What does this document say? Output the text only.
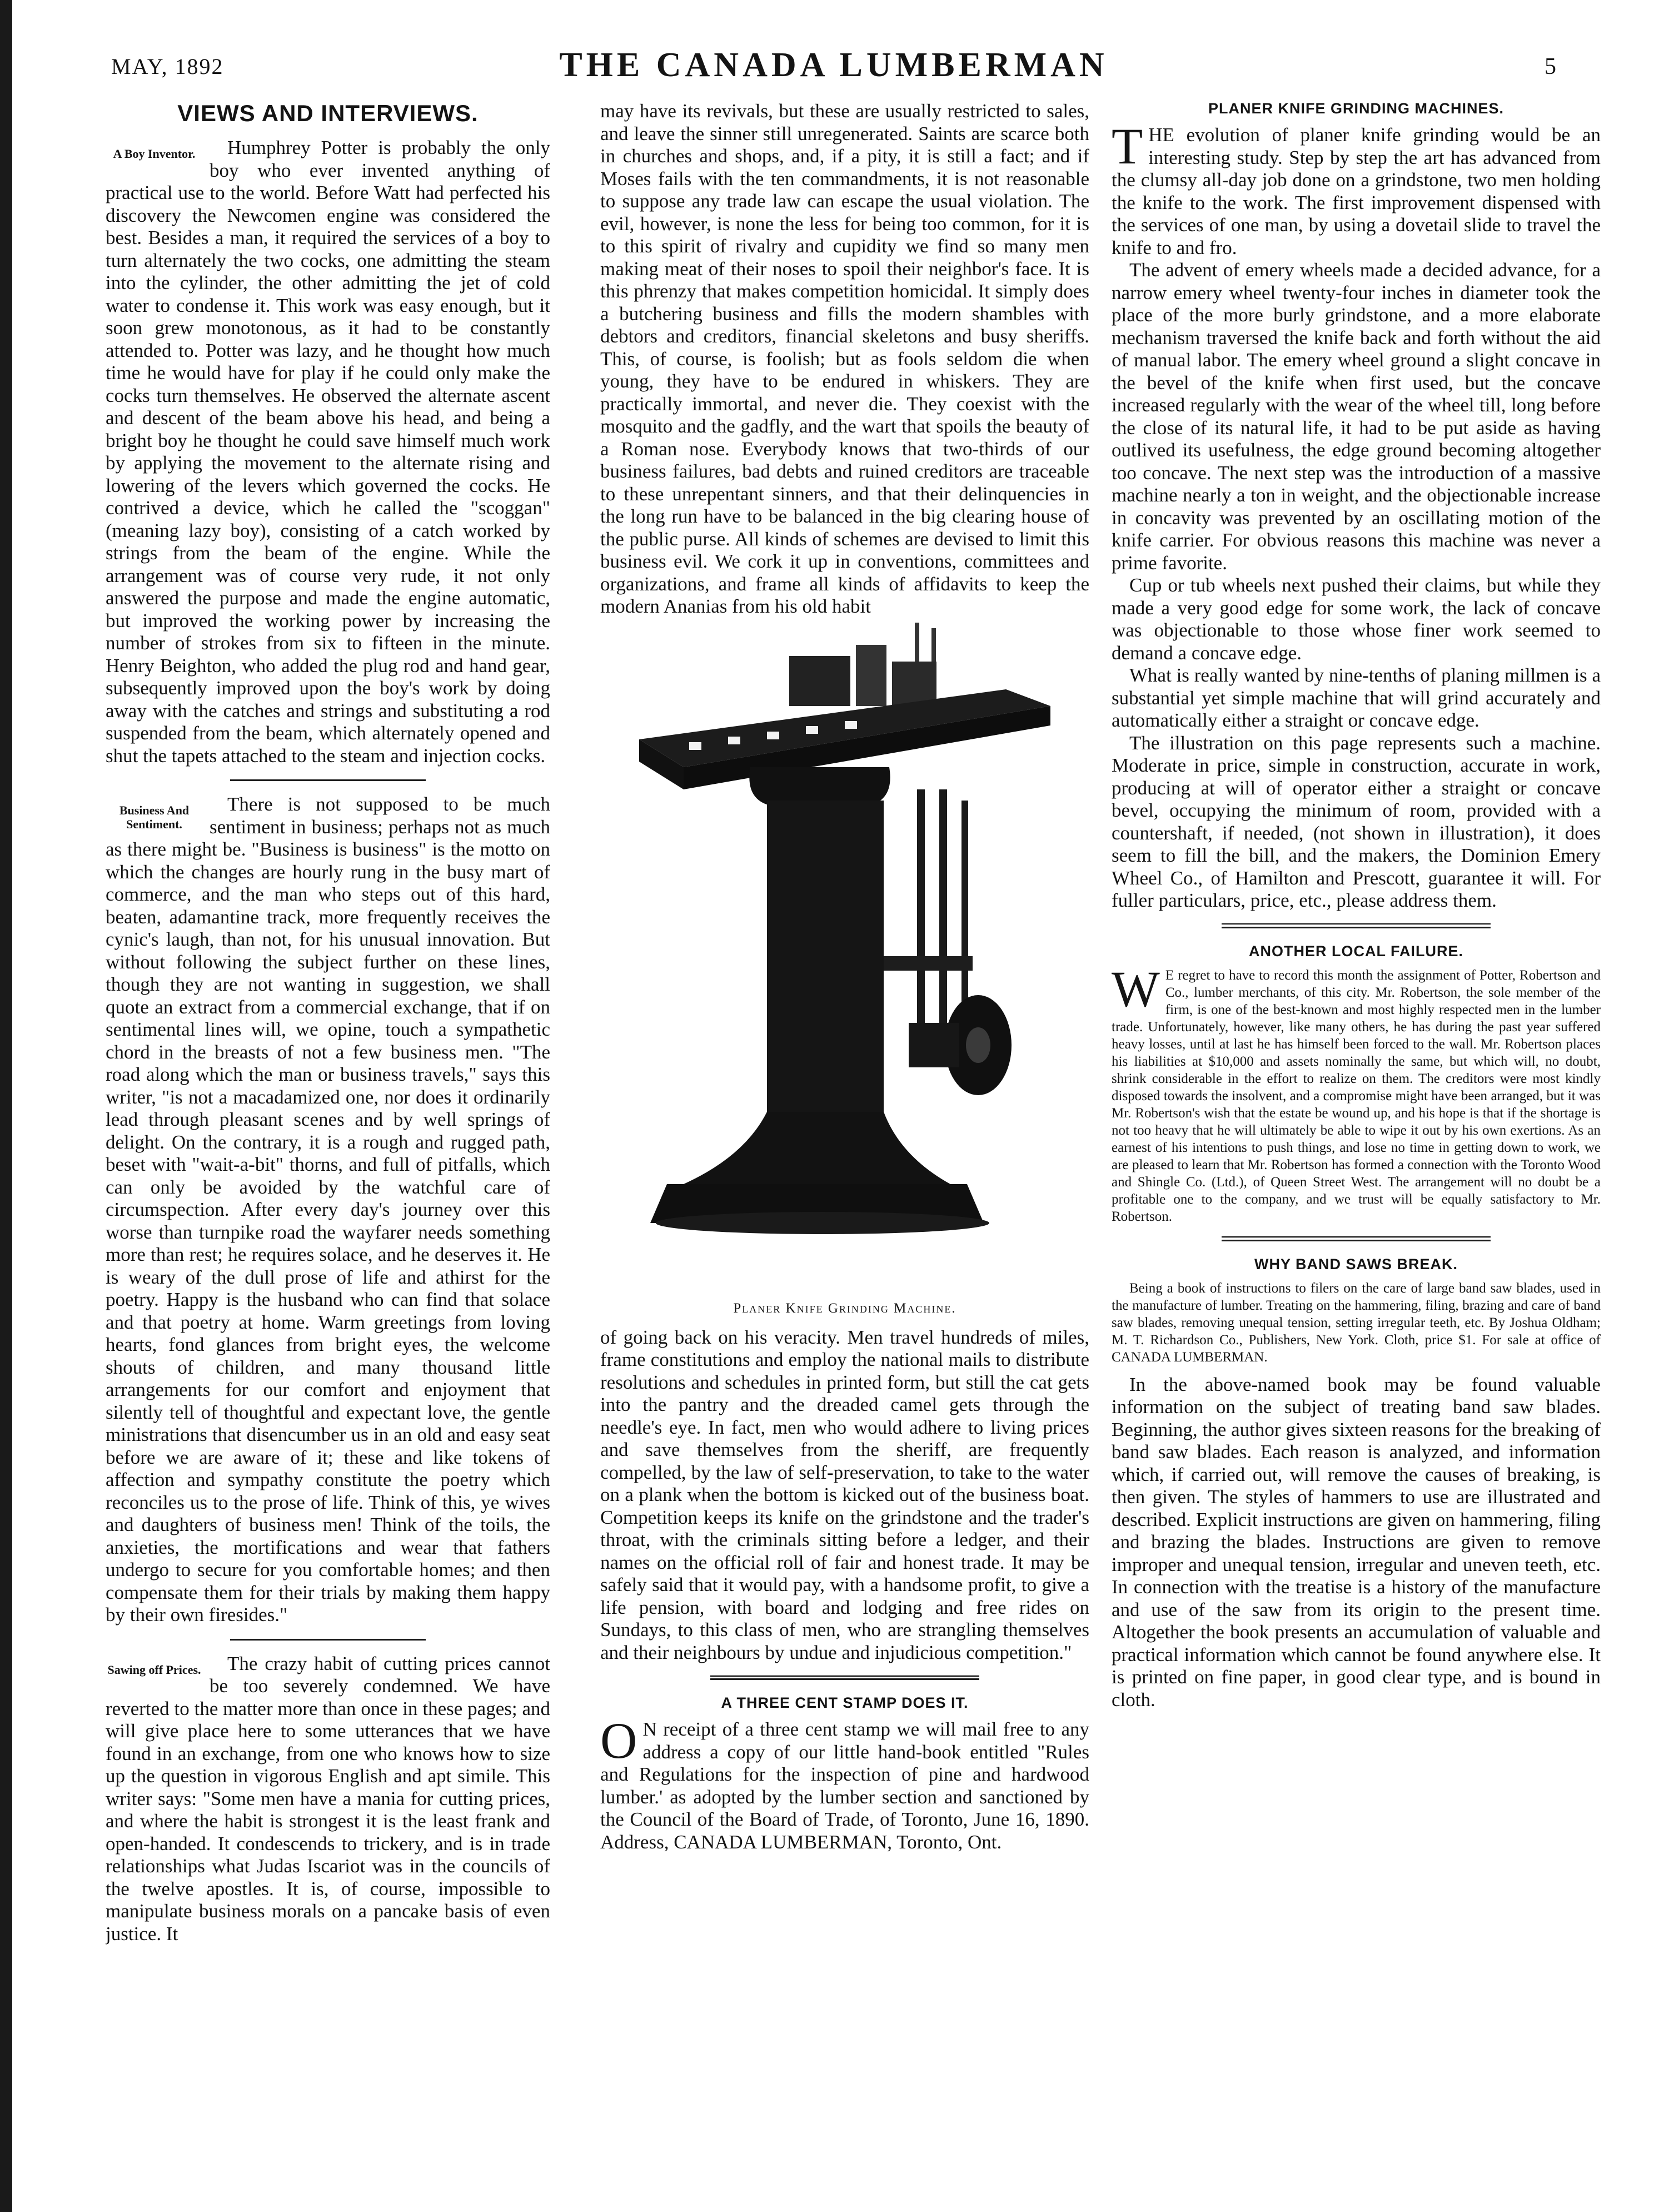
MAY, 1892	THE CANADA LUMBERMAN	5
VIEWS AND INTERVIEWS.
A Boy Inventor.	Humphrey Potter is probably the only boy who ever invented anything of practical use to the world. Before Watt had perfected his discovery the Newcomen engine was considered the best. Besides a man, it required the services of a boy to turn alternately the two cocks, one admitting the steam into the cylinder, the other admitting the jet of cold water to condense it. This work was easy enough, but it soon grew monotonous, as it had to be constantly attended to. Potter was lazy, and he thought how much time he would have for play if he could only make the cocks turn themselves. He observed the alternate ascent and descent of the beam above his head, and being a bright boy he thought he could save himself much work by applying the movement to the alternate rising and lowering of the levers which governed the cocks. He contrived a device, which he called the "scoggan" (meaning lazy boy), consisting of a catch worked by strings from the beam of the engine. While the arrangement was of course very rude, it not only answered the purpose and made the engine automatic, but improved the working power by increasing the number of strokes from six to fifteen in the minute. Henry Beighton, who added the plug rod and hand gear, subsequently improved upon the boy's work by doing away with the catches and strings and substituting a rod suspended from the beam, which alternately opened and shut the tapets attached to the steam and injection cocks.

Business And Sentiment.

There is not supposed to be much sentiment in business; perhaps not as much as there might be. "Business is business" is the motto on which the changes are hourly rung in the busy mart of commerce, and the man who steps out of this hard, beaten, adamantine track, more frequently receives the cynic's laugh, than not, for his unusual innovation. But without following the subject further on these lines, though they are not wanting in suggestion, we shall quote an extract from a commercial exchange, that if on sentimental lines will, we opine, touch a sympathetic chord in the breasts of not a few business men. "The road along which the man or business travels," says this writer, "is not a macadamized one, nor does it ordinarily lead through pleasant scenes and by well springs of delight. On the contrary, it is a rough and rugged path, beset with "wait-a-bit" thorns, and full of pitfalls, which can only be avoided by the watchful care of circumspection. After every day's journey over this worse than turnpike road the wayfarer needs something more than rest; he requires solace, and he deserves it. He is weary of the dull prose of life and athirst for the poetry. Happy is the husband who can find that solace and that poetry at home. Warm greetings from loving hearts, fond glances from bright eyes, the welcome shouts of children, and many thousand little arrangements for our comfort and enjoyment that silently tell of thoughtful and expectant love, the gentle ministrations that disencumber us in an old and easy seat before we are aware of it; these and like tokens of affection and sympathy constitute the poetry which reconciles us to the prose of life. Think of this, ye wives and daughters of business men! Think of the toils, the anxieties, the mortifications and wear that fathers undergo to secure for you comfortable homes; and then compensate them for their trials by making them happy by their own firesides."

Sawing off Prices.	The crazy habit of cutting prices cannot be too severely condemned. We have reverted to the matter more than once in these pages; and will give place here to some utterances that we have found in an exchange, from one who knows how to size up the question in vigorous English and apt simile. This writer says: "Some men have a mania for cutting prices, and where the habit is strongest it is the least frank and open-handed. It condescends to trickery, and is in trade relationships what Judas Iscariot was in the councils of the twelve apostles. It is, of course, impossible to manipulate business morals on a pancake basis of even justice. It

may have its revivals, but these are usually restricted to sales, and leave the sinner still unregenerated. Saints are scarce both in churches and shops, and, if a pity, it is still a fact; and if Moses fails with the ten commandments, it is not reasonable to suppose any trade law can escape the usual violation. The evil, however, is none the less for being too common, for it is to this spirit of rivalry and cupidity we find so many men making meat of their noses to spoil their neighbor's face. It is this phrenzy that makes competition homicidal. It simply does a butchering business and fills the modern shambles with debtors and creditors, financial skeletons and busy sheriffs. This, of course, is foolish; but as fools seldom die when young, they have to be endured in whiskers. They are practically immortal, and never die. They coexist with the mosquito and the gadfly, and the wart that spoils the beauty of a Roman nose. Everybody knows that two-thirds of our business failures, bad debts and ruined creditors are traceable to these unrepentant sinners, and that their delinquencies in the long run have to be balanced in the big clearing house of the public purse. All kinds of schemes are devised to limit this business evil. We cork it up in conventions, committees and organizations, and frame all kinds of affidavits to keep the modern Ananias from his old habit

Planer Knife Grinding Machine.

of going back on his veracity. Men travel hundreds of miles, frame constitutions and employ the national mails to distribute resolutions and schedules in printed form, but still the cat gets into the pantry and the dreaded camel gets through the needle's eye. In fact, men who would adhere to living prices and save themselves from the sheriff, are frequently compelled, by the law of self-preservation, to take to the water on a plank when the bottom is kicked out of the business boat. Competition keeps its knife on the grindstone and the trader's throat, with the criminals sitting before a ledger, and their names on the official roll of fair and honest trade. It may be safely said that it would pay, with a handsome profit, to give a life pension, with board and lodging and free rides on Sundays, to this class of men, who are strangling themselves and their neighbours by undue and injudicious competition."

A THREE CENT STAMP DOES IT.
O N receipt of a three cent stamp we will mail free to any address a copy of our little hand-book entitled "Rules and Regulations for the inspection of pine and hardwood lumber.' as adopted by the lumber section and sanctioned by the Council of the Board of Trade, of Toronto, June 16, 1890. Address, CANADA LUMBERMAN, Toronto, Ont.

PLANER KNIFE GRINDING MACHINES.
T HE evolution of planer knife grinding would be an interesting study. Step by step the art has advanced from the clumsy all-day job done on a grindstone, two men holding the knife to the work. The first improvement dispensed with the services of one man, by using a dovetail slide to travel the knife to and fro.

The advent of emery wheels made a decided advance, for a narrow emery wheel twenty-four inches in diameter took the place of the more burly grindstone, and a more elaborate mechanism traversed the knife back and forth without the aid of manual labor. The emery wheel ground a slight concave in the bevel of the knife when first used, but the concave increased regularly with the wear of the wheel till, long before the close of its natural life, it had to be put aside as having outlived its usefulness, the edge ground becoming altogether too concave. The next step was the introduction of a massive machine nearly a ton in weight, and the objectionable increase in concavity was prevented by an oscillating motion of the knife carrier. For obvious reasons this machine was never a prime favorite.

Cup or tub wheels next pushed their claims, but while they made a very good edge for some work, the lack of concave was objectionable to those whose finer work seemed to demand a concave edge.

What is really wanted by nine-tenths of planing millmen is a substantial yet simple machine that will grind accurately and automatically either a straight or concave edge.

The illustration on this page represents such a machine. Moderate in price, simple in construction, accurate in work, producing at will of operator either a straight or concave bevel, occupying the minimum of room, provided with a countershaft, if needed, (not shown in illustration), it does seem to fill the bill, and the makers, the Dominion Emery Wheel Co., of Hamilton and Prescott, guarantee it will. For fuller particulars, price, etc., please address them.

ANOTHER LOCAL FAILURE.
W E regret to have to record this month the assignment of Potter, Robertson and Co., lumber merchants, of this city. Mr. Robertson, the sole member of the firm, is one of the best-known and most highly respected men in the lumber trade. Unfortunately, however, like many others, he has during the past year suffered heavy losses, until at last he has himself been forced to the wall. Mr. Robertson places his liabilities at $10,000 and assets nominally the same, but which will, no doubt, shrink considerable in the effort to realize on them. The creditors were most kindly disposed towards the insolvent, and a compromise might have been arranged, but it was Mr. Robertson's wish that the estate be wound up, and his hope is that if the shortage is not too heavy that he will ultimately be able to wipe it out by his own exertions. As an earnest of his intentions to push things, and lose no time in getting down to work, we are pleased to learn that Mr. Robertson has formed a connection with the Toronto Wood and Shingle Co. (Ltd.), of Queen Street West. The arrangement will no doubt be a profitable one to the company, and we trust will be equally satisfactory to Mr. Robertson.

WHY BAND SAWS BREAK.

Being a book of instructions to filers on the care of large band saw blades, used in the manufacture of lumber. Treating on the hammering, filing, brazing and care of band saw blades, removing unequal tension, setting irregular teeth, etc. By Joshua Oldham; M. T. Richardson Co., Publishers, New York. Cloth, price $1. For sale at office of CANADA LUMBERMAN.

In the above-named book may be found valuable information on the subject of treating band saw blades. Beginning, the author gives sixteen reasons for the breaking of band saw blades. Each reason is analyzed, and information which, if carried out, will remove the causes of breaking, is then given. The styles of hammers to use are illustrated and described. Explicit instructions are given on hammering, filing and brazing the blades. Instructions are given to remove improper and unequal tension, irregular and uneven teeth, etc. In connection with the treatise is a history of the manufacture and use of the saw from its origin to the present time. Altogether the book presents an accumulation of valuable and practical information which cannot be found anywhere else. It is printed on fine paper, in good clear type, and is bound in cloth.
